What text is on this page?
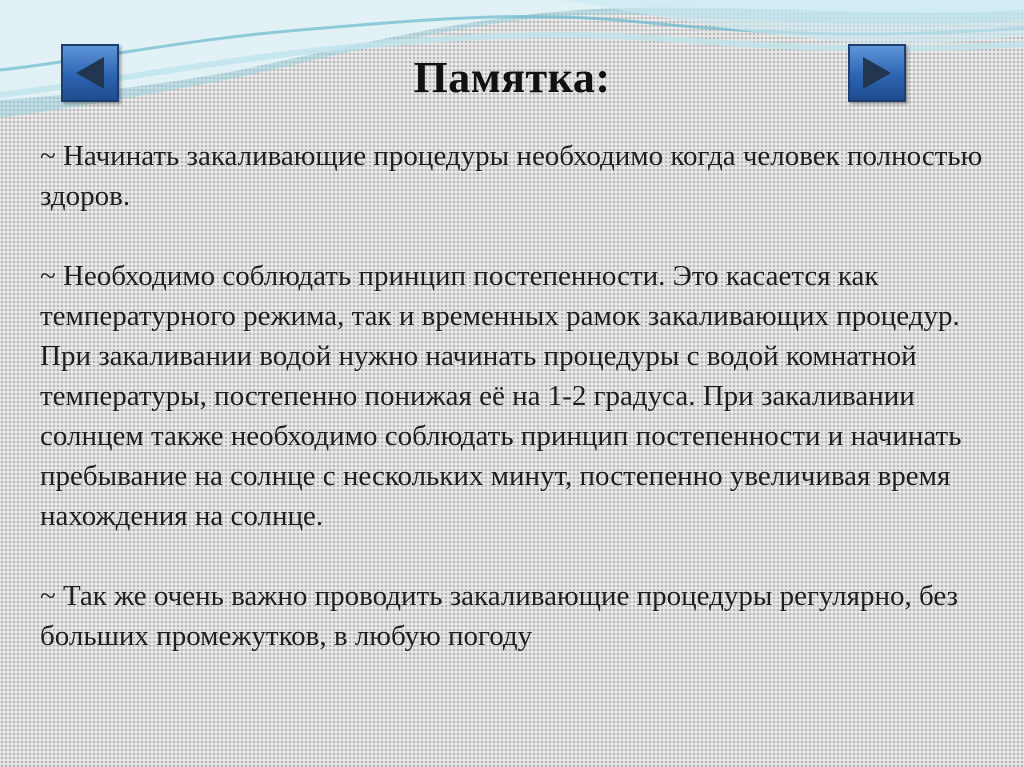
Памятка:

~ Начинать закаливающие процедуры необходимо когда человек полностью здоров.

~ Необходимо соблюдать принцип постепенности. Это касается как температурного режима, так и временных рамок закаливающих процедур. При закаливании водой нужно начинать процедуры с водой комнатной температуры, постепенно понижая её на 1-2 градуса. При закаливании солнцем также необходимо соблюдать принцип постепенности и начинать пребывание на солнце с нескольких минут, постепенно увеличивая время нахождения на солнце.

~ Так же очень важно проводить закаливающие процедуры регулярно, без больших промежутков, в любую погоду
